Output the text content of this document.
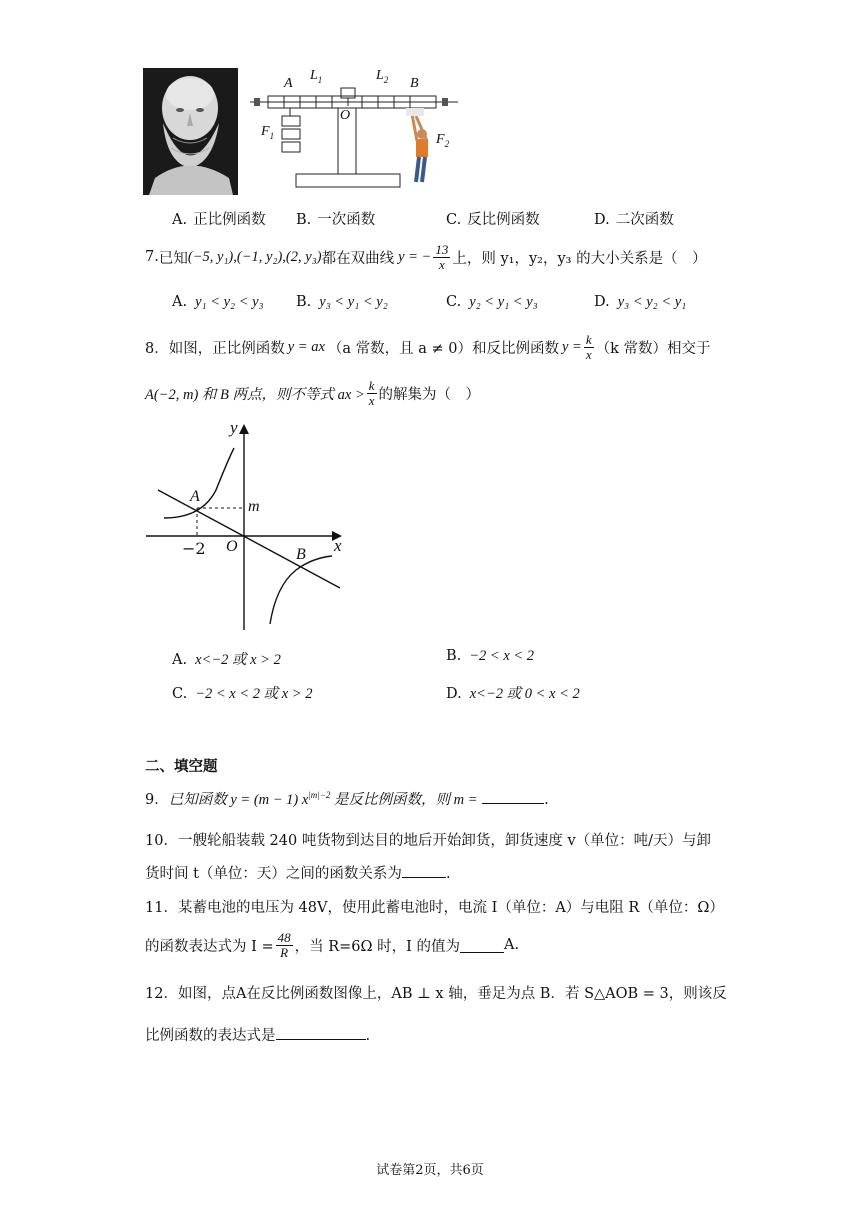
A
$L_1$	$L_2$ B
O
$F_1$	$F_2$
A. 正比例函数 B. 一次函数	C. 反比例函数	D. 二次函数
7. 已知 (−5, y₁),(−1, y₂),(2, y₃) 都在双曲线 y = − $\frac{13}{x}$ 上，则 y₁，y₂，y₃ 的大小关系是（　）
A. y₁ < y₂ < y₃ B. y₃ < y₁ < y₂	C. y₂ < y₁ < y₃	D. y₃ < y₂ < y₁
8． 如图，正比例函数 y = ax （a 常数，且 a ≠ 0）和反比例函数 $y = \frac{k}{x} (k$ 常数）相交于
A(−2, m) 和 B 两点，则不等式 ax > $\frac{k}{x}$ 的解集为（　）
y
x
O
A
B
m
−2
A. x<−2 或 x > 2	B. −2 < x < 2
C. −2 < x < 2 或 x > 2	D. x<−2 或 0 < x < 2
二、填空题
9．已知函数 y = (m − 1) $x^{|m|-2}$ 是反比例函数，则 m =	.
10．一艘轮船装载 240 吨货物到达目的地后开始卸货，卸货速度 v（单位：吨/天）与卸
货时间 t（单位：天）之间的函数关系为	.
11．某蓄电池的电压为 48V，使用此蓄电池时，电流 I（单位：A）与电阻 R（单位：Ω）
的函数表达式为 $I = \frac{48}{R}$ ，当 R=6Ω 时，I 的值为	A.
12．如图，点A在反比例函数图像上，AB ⊥ x 轴，垂足为点 B．若 S△AOB = 3，则该反
比例函数的表达式是	.
试卷第2页，共6页
